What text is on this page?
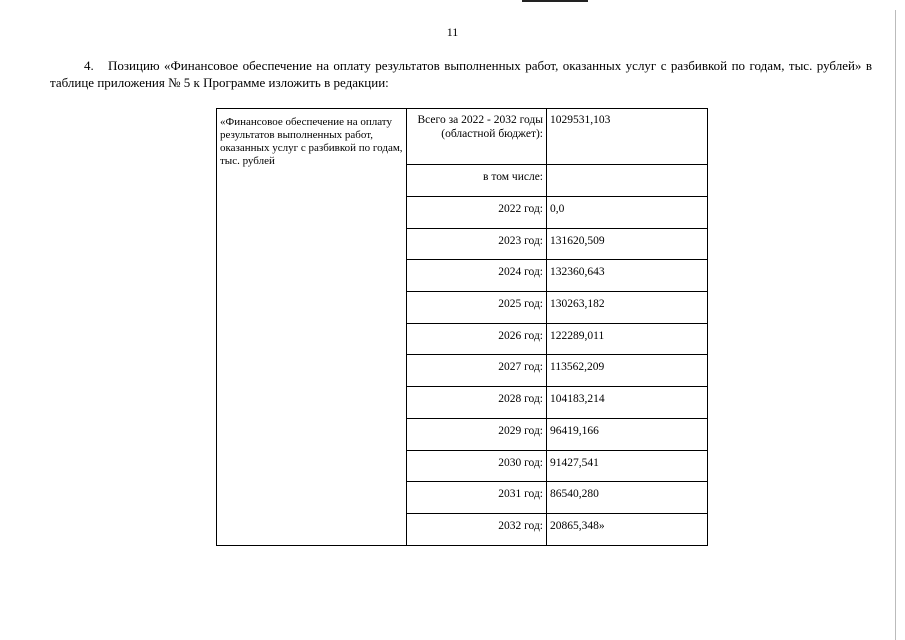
11
4. Позицию «Финансовое обеспечение на оплату результатов выполненных работ, оказанных услуг с разбивкой по годам, тыс. рублей» в таблице приложения № 5 к Программе изложить в редакции:
«Финансовое обеспечение на оплату результатов выполненных работ, оказанных услуг с разбивкой по годам, тыс. рублей	Всего за 2022 - 2032 годы (областной бюджет):	1029531,103
	в том числе:	
	2022 год:	0,0
	2023 год:	131620,509
	2024 год:	132360,643
	2025 год:	130263,182
	2026 год:	122289,011
	2027 год:	113562,209
	2028 год:	104183,214
	2029 год:	96419,166
	2030 год:	91427,541
	2031 год:	86540,280
	2032 год:	20865,348»
